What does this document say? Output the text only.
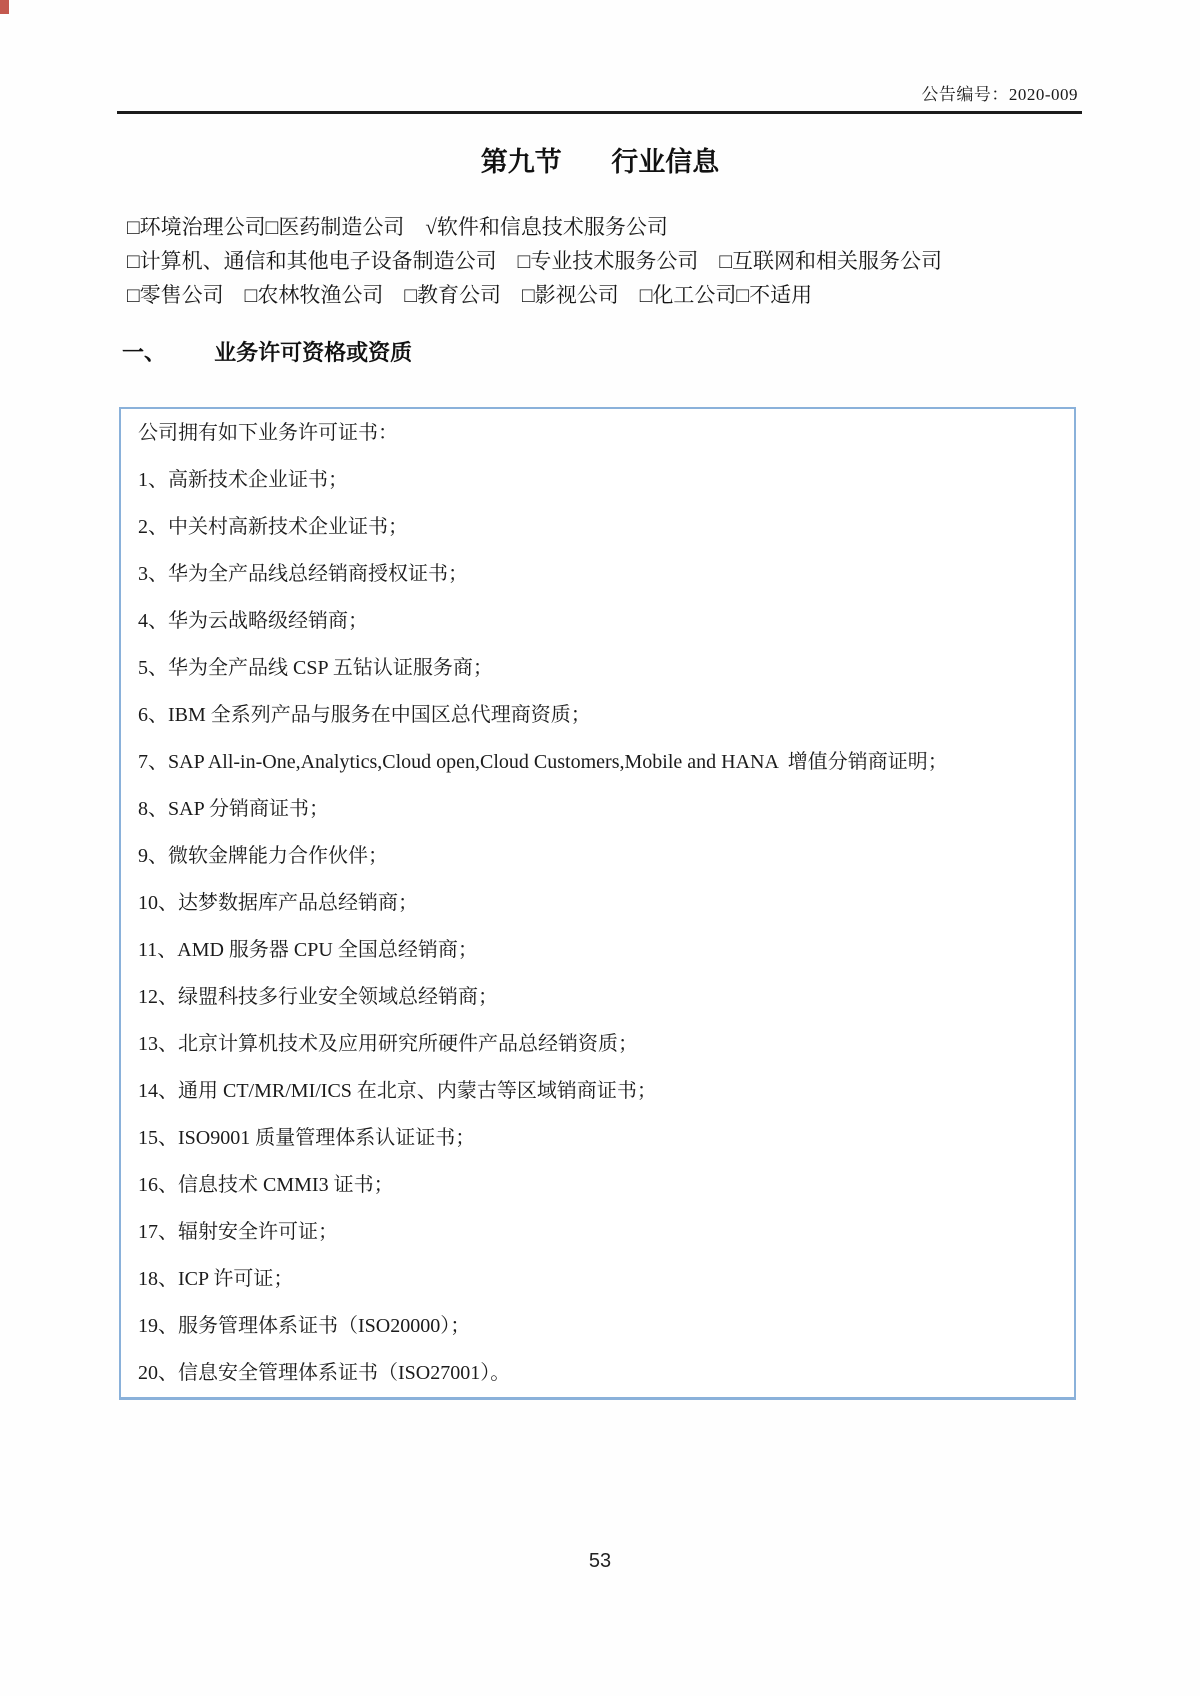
公告编号：2020-009
第九节 行业信息
□环境治理公司□医药制造公司　√软件和信息技术服务公司
□计算机、通信和其他电子设备制造公司　□专业技术服务公司　□互联网和相关服务公司
□零售公司　□农林牧渔公司　□教育公司　□影视公司　□化工公司□不适用
一、 业务许可资格或资质
公司拥有如下业务许可证书：
1、高新技术企业证书；
2、中关村高新技术企业证书；
3、华为全产品线总经销商授权证书；
4、华为云战略级经销商；
5、华为全产品线 CSP 五钻认证服务商；
6、IBM 全系列产品与服务在中国区总代理商资质；
7、SAP All-in-One,Analytics,Cloud open,Cloud Customers,Mobile and HANA  增值分销商证明；
8、SAP 分销商证书；
9、微软金牌能力合作伙伴；
10、达梦数据库产品总经销商；
11、AMD 服务器 CPU 全国总经销商；
12、绿盟科技多行业安全领域总经销商；
13、北京计算机技术及应用研究所硬件产品总经销资质；
14、通用 CT/MR/MI/ICS 在北京、内蒙古等区域销商证书；
15、ISO9001 质量管理体系认证证书；
16、信息技术 CMMI3 证书；
17、辐射安全许可证；
18、ICP 许可证；
19、服务管理体系证书（ISO20000）；
20、信息安全管理体系证书（ISO27001）。
53
